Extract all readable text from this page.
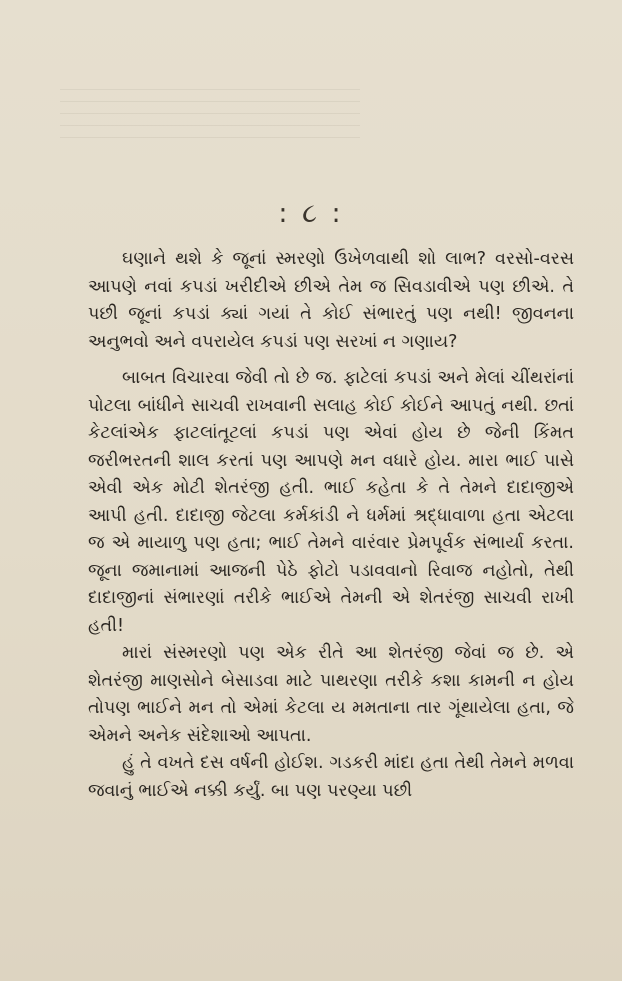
: ૮ :

ઘણાને થશે કે જૂનાં સ્મરણો ઉખેળવાથી શો લાભ? વરસો-વરસ આપણે નવાં કપડાં ખરીદીએ છીએ તેમ જ સિવડાવીએ પણ છીએ. તે પછી જૂનાં કપડાં ક્યાં ગયાં તે કોઈ સંભારતું પણ નથી! જીવનના અનુભવો અને વપરાયેલ કપડાં પણ સરખાં ન ગણાય?

બાબત વિચારવા જેવી તો છે જ. ફાટેલાં કપડાં અને મેલાં ચીંથરાંનાં પોટલા બાંધીને સાચવી રાખવાની સલાહ કોઈ કોઈને આપતું નથી. છતાં કેટલાંએક ફાટલાંતૂટલાં કપડાં પણ એવાં હોય છે જેની કિંમત જરીભરતની શાલ કરતાં પણ આપણે મન વધારે હોય. મારા ભાઈ પાસે એવી એક મોટી શેતરંજી હતી. ભાઈ કહેતા કે તે તેમને દાદાજીએ આપી હતી. દાદાજી જેટલા કર્મકાંડી ને ધર્મમાં શ્રદ્ધાવાળા હતા એટલા જ એ માયાળુ પણ હતા; ભાઈ તેમને વારંવાર પ્રેમપૂર્વક સંભાર્યા કરતા. જૂના જમાનામાં આજની પેઠે ફોટો પડાવવાનો રિવાજ નહોતો, તેથી દાદાજીનાં સંભારણાં તરીકે ભાઈએ તેમની એ શેતરંજી સાચવી રાખી હતી!

મારાં સંસ્મરણો પણ એક રીતે આ શેતરંજી જેવાં જ છે. એ શેતરંજી માણસોને બેસાડવા માટે પાથરણા તરીકે કશા કામની ન હોય તોપણ ભાઈને મન તો એમાં કેટલા ય મમતાના તાર ગૂંથાયેલા હતા, જે એમને અનેક સંદેશાઓ આપતા.

હું તે વખતે દસ વર્ષની હોઈશ. ગડકરી માંદા હતા તેથી તેમને મળવા જવાનું ભાઈએ નક્કી કર્યું. બા પણ પરણ્યા પછી
